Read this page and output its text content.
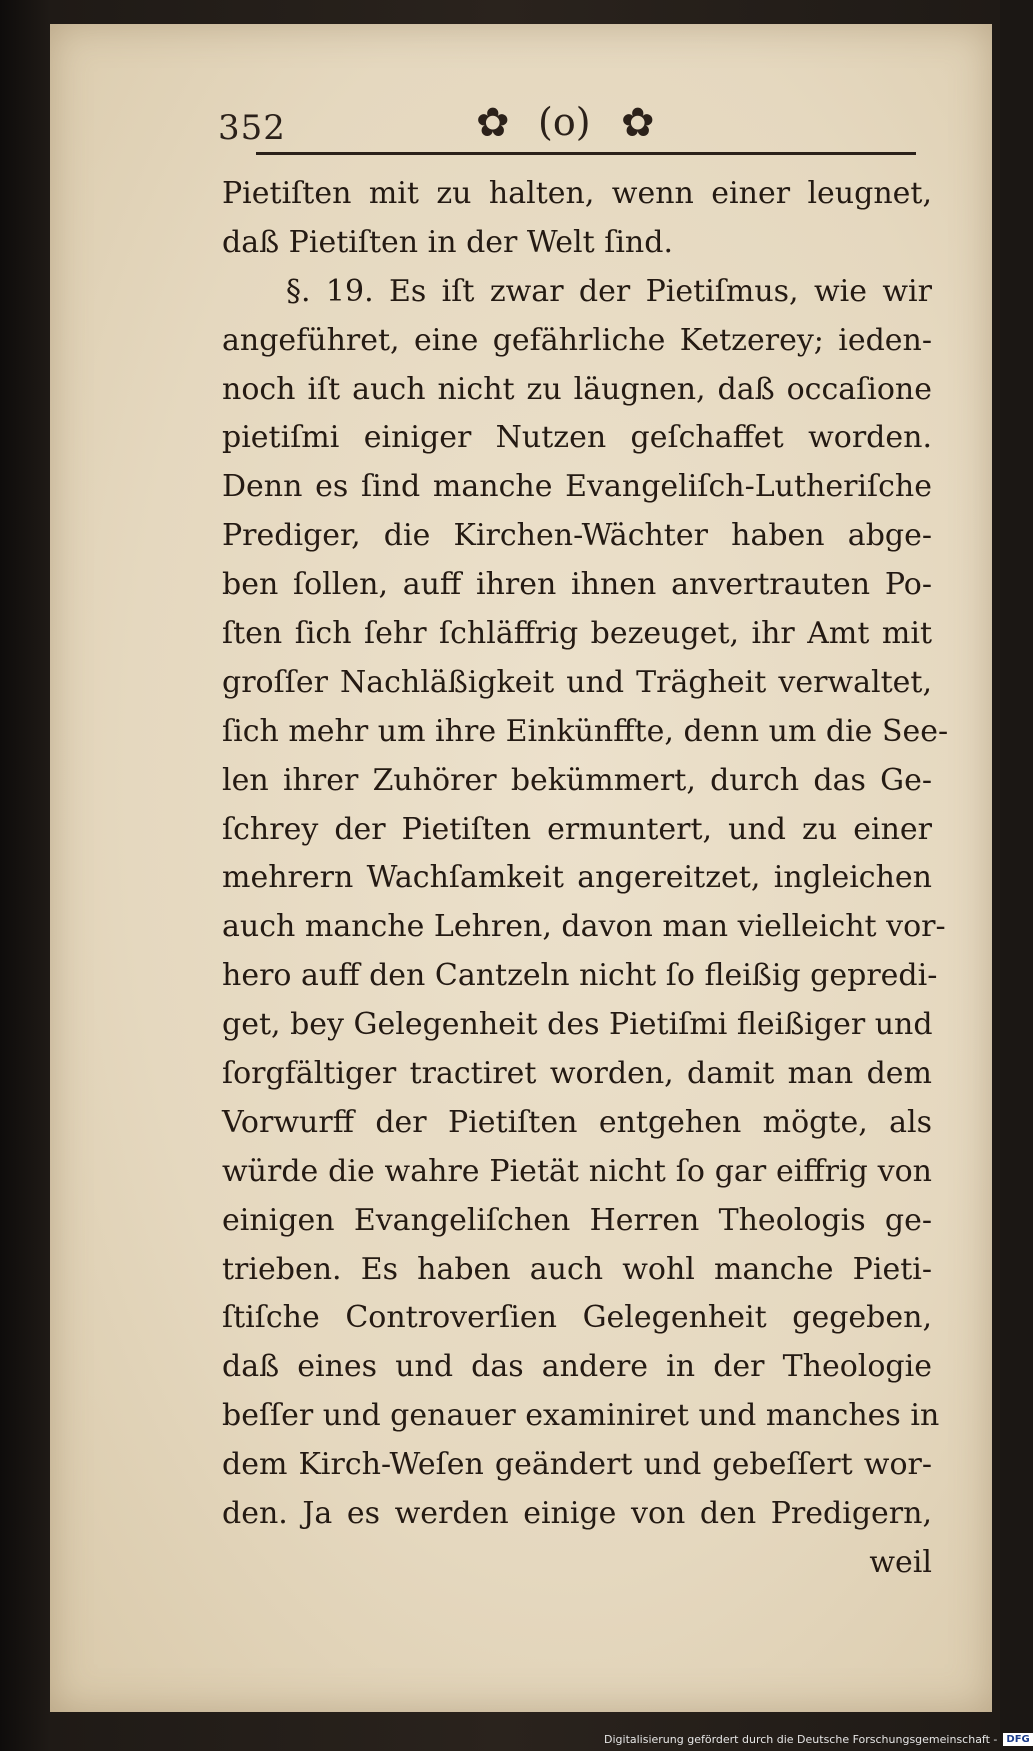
352	✿ (o) ✿
Pietiſten mit zu halten, wenn einer leugnet,
daß Pietiſten in der Welt ſind.
§. 19. Es iſt zwar der Pietiſmus, wie wir
angeführet, eine gefährliche Ketzerey; ieden-
noch iſt auch nicht zu läugnen, daß occaſione
pietiſmi einiger Nutzen geſchaffet worden.
Denn es ſind manche Evangeliſch-Lutheriſche
Prediger, die Kirchen-Wächter haben abge-
ben ſollen, auff ihren ihnen anvertrauten Po-
ſten ſich ſehr ſchläffrig bezeuget, ihr Amt mit
groſſer Nachläßigkeit und Trägheit verwaltet,
ſich mehr um ihre Einkünffte, denn um die See-
len ihrer Zuhörer bekümmert, durch das Ge-
ſchrey der Pietiſten ermuntert, und zu einer
mehrern Wachſamkeit angereitzet, ingleichen
auch manche Lehren, davon man vielleicht vor-
hero auff den Cantzeln nicht ſo fleißig gepredi-
get, bey Gelegenheit des Pietiſmi fleißiger und
ſorgfältiger tractiret worden, damit man dem
Vorwurff der Pietiſten entgehen mögte, als
würde die wahre Pietät nicht ſo gar eiffrig von
einigen Evangeliſchen Herren Theologis ge-
trieben. Es haben auch wohl manche Pieti-
ſtiſche Controverſien Gelegenheit gegeben,
daß eines und das andere in der Theologie
beſſer und genauer examiniret und manches in
dem Kirch-Weſen geändert und gebeſſert wor-
den. Ja es werden einige von den Predigern,
weil
Digitalisierung gefördert durch die Deutsche Forschungsgemeinschaft - DFG
